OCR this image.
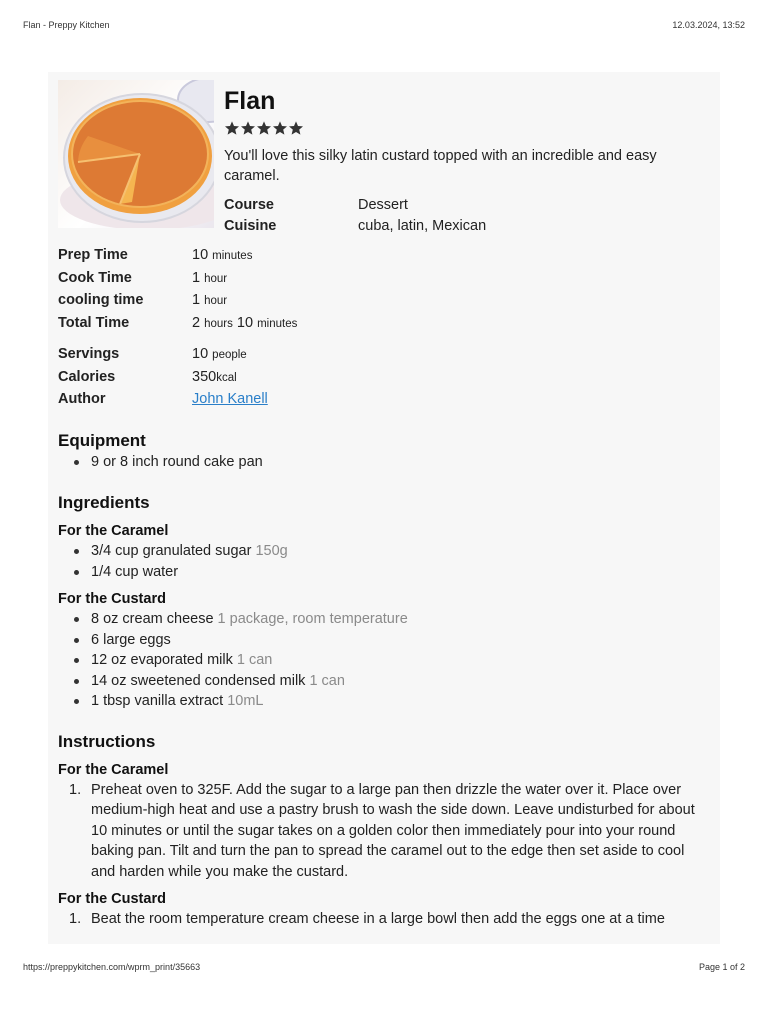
Flan - Preppy Kitchen	12.03.2024, 13:52
Flan
You'll love this silky latin custard topped with an incredible and easy caramel.
Course	Dessert
Cuisine	cuba, latin, Mexican
Prep Time	10 minutes
Cook Time	1 hour
cooling time	1 hour
Total Time	2 hours 10 minutes
Servings	10 people
Calories	350kcal
Author	John Kanell
Equipment
9 or 8 inch round cake pan
Ingredients
For the Caramel
3/4 cup granulated sugar 150g
1/4 cup water
For the Custard
8 oz cream cheese 1 package, room temperature
6 large eggs
12 oz evaporated milk 1 can
14 oz sweetened condensed milk 1 can
1 tbsp vanilla extract 10mL
Instructions
For the Caramel
1. Preheat oven to 325F. Add the sugar to a large pan then drizzle the water over it. Place over medium-high heat and use a pastry brush to wash the side down. Leave undisturbed for about 10 minutes or until the sugar takes on a golden color then immediately pour into your round baking pan. Tilt and turn the pan to spread the caramel out to the edge then set aside to cool and harden while you make the custard.
For the Custard
1. Beat the room temperature cream cheese in a large bowl then add the eggs one at a time
https://preppykitchen.com/wprm_print/35663	Page 1 of 2
